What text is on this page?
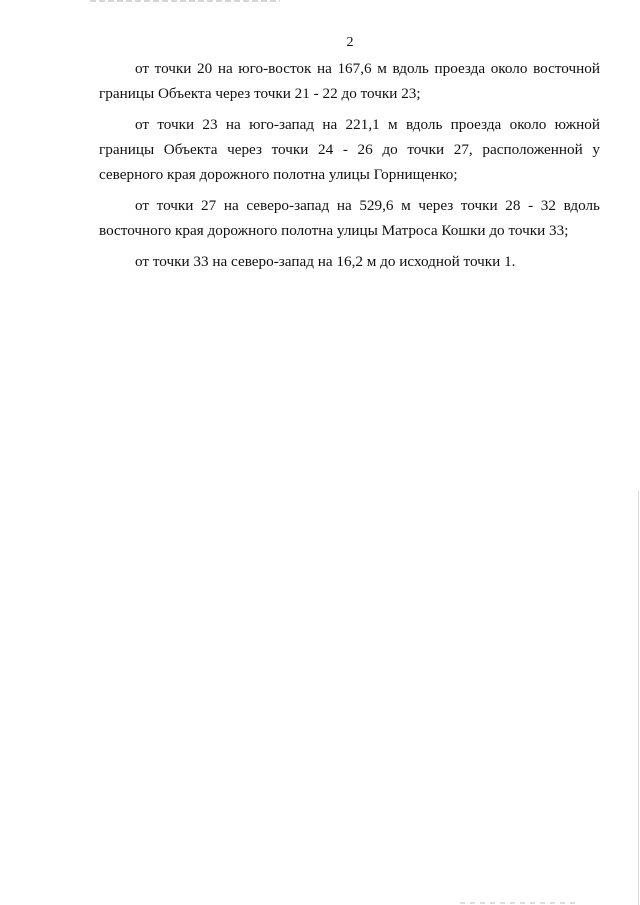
2

от точки 20 на юго-восток на 167,6 м вдоль проезда около восточной границы Объекта через точки 21 - 22 до точки 23;

от точки 23 на юго-запад на 221,1 м вдоль проезда около южной границы Объекта через точки 24 - 26 до точки 27, расположенной у северного края дорожного полотна улицы Горнищенко;

от точки 27 на северо-запад на 529,6 м через точки 28 - 32 вдоль восточного края дорожного полотна улицы Матроса Кошки до точки 33;

от точки 33 на северо-запад на 16,2 м до исходной точки 1.
